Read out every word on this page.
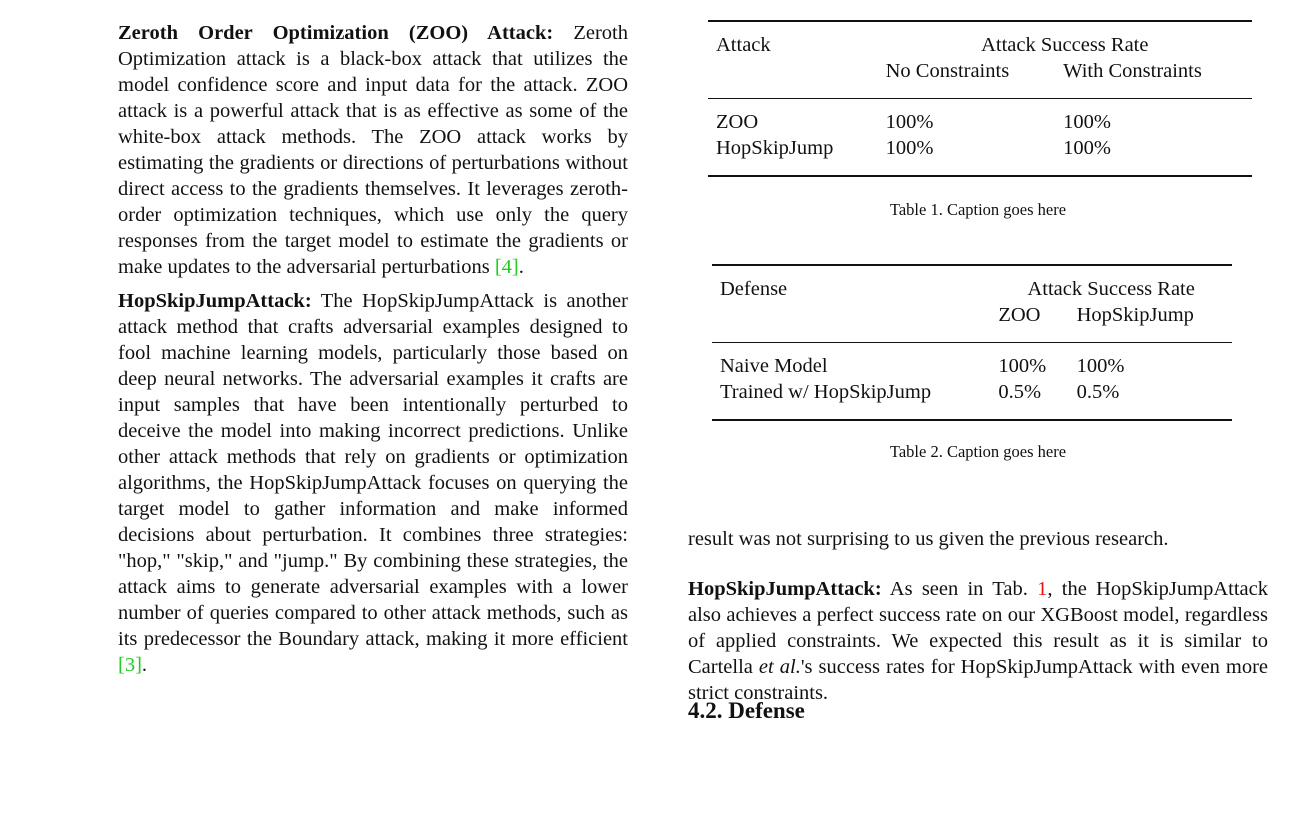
Zeroth Order Optimization (ZOO) Attack: Zeroth Optimization attack is a black-box attack that utilizes the model confidence score and input data for the attack. ZOO attack is a powerful attack that is as effective as some of the white-box attack methods. The ZOO attack works by estimating the gradients or directions of perturbations without direct access to the gradients themselves. It leverages zeroth-order optimization techniques, which use only the query responses from the target model to estimate the gradients or make updates to the adversarial perturbations [4].

HopSkipJumpAttack: The HopSkipJumpAttack is another attack method that crafts adversarial examples designed to fool machine learning models, particularly those based on deep neural networks. The adversarial examples it crafts are input samples that have been intentionally perturbed to deceive the model into making incorrect predictions. Unlike other attack methods that rely on gradients or optimization algorithms, the HopSkipJumpAttack focuses on querying the target model to gather information and make informed decisions about perturbation. It combines three strategies: "hop," "skip," and "jump." By combining these strategies, the attack aims to generate adversarial examples with a lower number of queries compared to other attack methods, such as its predecessor the Boundary attack, making it more efficient [3].

Attack	Attack Success Rate	
	No Constraints	With Constraints
ZOO	100%	100%
HopSkipJump	100%	100%
Table 1. Caption goes here
Defense	Attack Success Rate	
	ZOO	HopSkipJump
Naive Model	100%	100%
Trained w/ HopSkipJump	0.5%	0.5%
Table 2. Caption goes here

result was not surprising to us given the previous research.

HopSkipJumpAttack: As seen in Tab. 1, the HopSkipJumpAttack also achieves a perfect success rate on our XGBoost model, regardless of applied constraints. We expected this result as it is similar to Cartella et al.'s success rates for HopSkipJumpAttack with even more strict constraints.

4.2. Defense
